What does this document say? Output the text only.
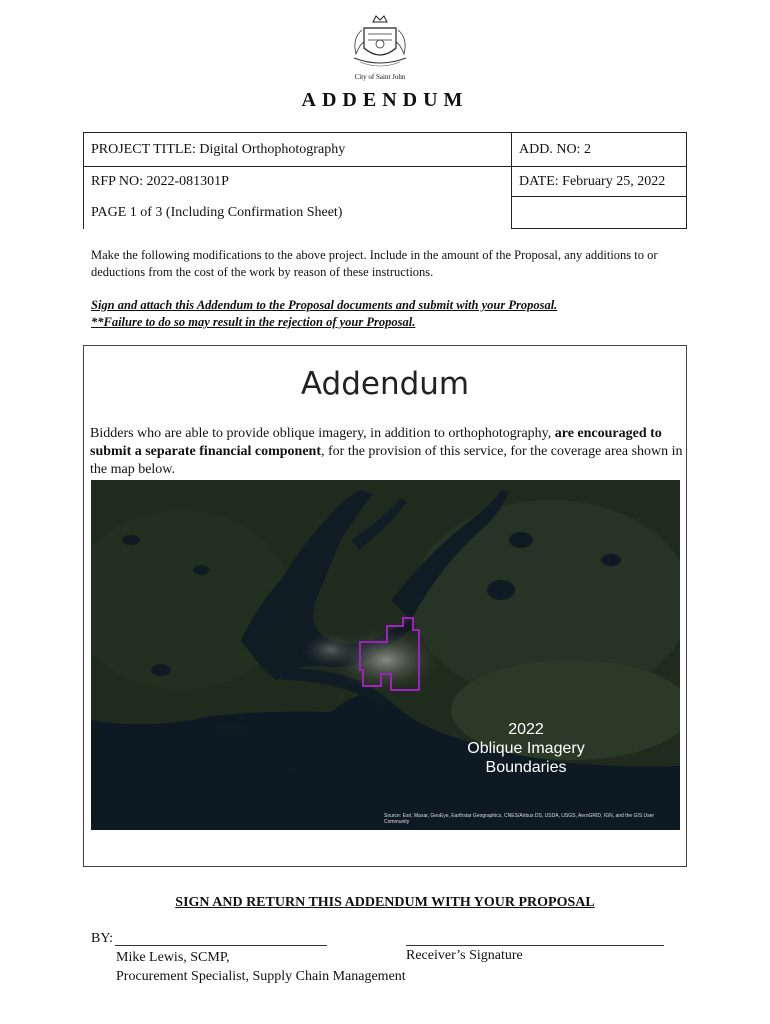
City of Saint John
ADDENDUM
PROJECT TITLE: Digital Orthophotography	ADD. NO: 2
RFP NO: 2022-081301P	DATE: February 25, 2022
PAGE 1 of 3 (Including Confirmation Sheet)	
Make the following modifications to the above project. Include in the amount of the Proposal, any additions to or deductions from the cost of the work by reason of these instructions.
Sign and attach this Addendum to the Proposal documents and submit with your Proposal.
**Failure to do so may result in the rejection of your Proposal.
Addendum
Bidders who are able to provide oblique imagery, in addition to orthophotography, are encouraged to submit a separate financial component, for the provision of this service, for the coverage area shown in the map below.
2022
Oblique Imagery
Boundaries
Source: Esri, Maxar, GeoEye, Earthstar Geographics, CNES/Airbus DS, USDA, USGS, AeroGRID, IGN, and the GIS User Community
SIGN AND RETURN THIS ADDENDUM WITH YOUR PROPOSAL
BY:
Mike Lewis, SCMP,
Procurement Specialist, Supply Chain Management
Receiver’s Signature
